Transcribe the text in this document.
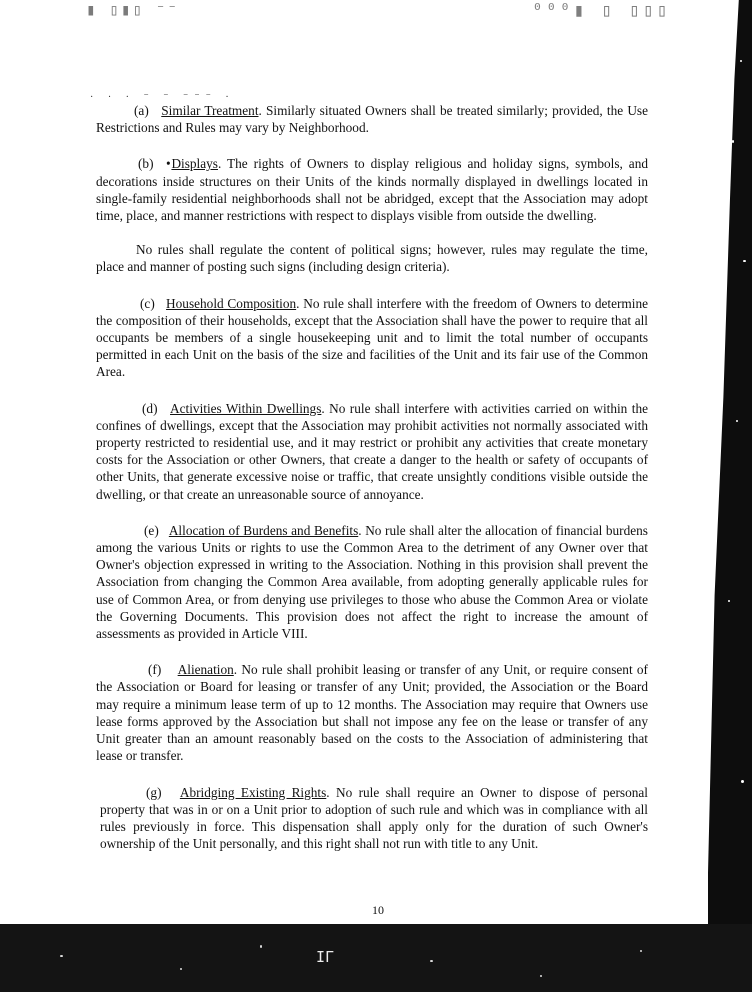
▮ ▯▮▯ ⁻⁻	⁰⁰⁰▮ ▯ ▯▯▯
· · · ⁻ ⁻ ⁻⁻⁻ ·

(a) Similar Treatment. Similarly situated Owners shall be treated similarly; provided, the Use Restrictions and Rules may vary by Neighborhood.

•
(b) Displays. The rights of Owners to display religious and holiday signs, symbols, and decorations inside structures on their Units of the kinds normally displayed in dwellings located in single-family residential neighborhoods shall not be abridged, except that the Association may adopt time, place, and manner restrictions with respect to displays visible from outside the dwelling.

No rules shall regulate the content of political signs; however, rules may regulate the time, place and manner of posting such signs (including design criteria).

(c) Household Composition. No rule shall interfere with the freedom of Owners to determine the composition of their households, except that the Association shall have the power to require that all occupants be members of a single housekeeping unit and to limit the total number of occupants permitted in each Unit on the basis of the size and facilities of the Unit and its fair use of the Common Area.

(d) Activities Within Dwellings. No rule shall interfere with activities carried on within the confines of dwellings, except that the Association may prohibit activities not normally associated with property restricted to residential use, and it may restrict or prohibit any activities that create monetary costs for the Association or other Owners, that create a danger to the health or safety of occupants of other Units, that generate excessive noise or traffic, that create unsightly conditions visible outside the dwelling, or that create an unreasonable source of annoyance.

(e) Allocation of Burdens and Benefits. No rule shall alter the allocation of financial burdens among the various Units or rights to use the Common Area to the detriment of any Owner over that Owner's objection expressed in writing to the Association. Nothing in this provision shall prevent the Association from changing the Common Area available, from adopting generally applicable rules for use of Common Area, or from denying use privileges to those who abuse the Common Area or violate the Governing Documents. This provision does not affect the right to increase the amount of assessments as provided in Article VIII.

(f) Alienation. No rule shall prohibit leasing or transfer of any Unit, or require consent of the Association or Board for leasing or transfer of any Unit; provided, the Association or the Board may require a minimum lease term of up to 12 months. The Association may require that Owners use lease forms approved by the Association but shall not impose any fee on the lease or transfer of any Unit greater than an amount reasonably based on the costs to the Association of administering that lease or transfer.

(g) Abridging Existing Rights. No rule shall require an Owner to dispose of personal property that was in or on a Unit prior to adoption of such rule and which was in compliance with all rules previously in force. This dispensation shall apply only for the duration of such Owner's ownership of the Unit personally, and this right shall not run with title to any Unit.

10
ΙΓ
